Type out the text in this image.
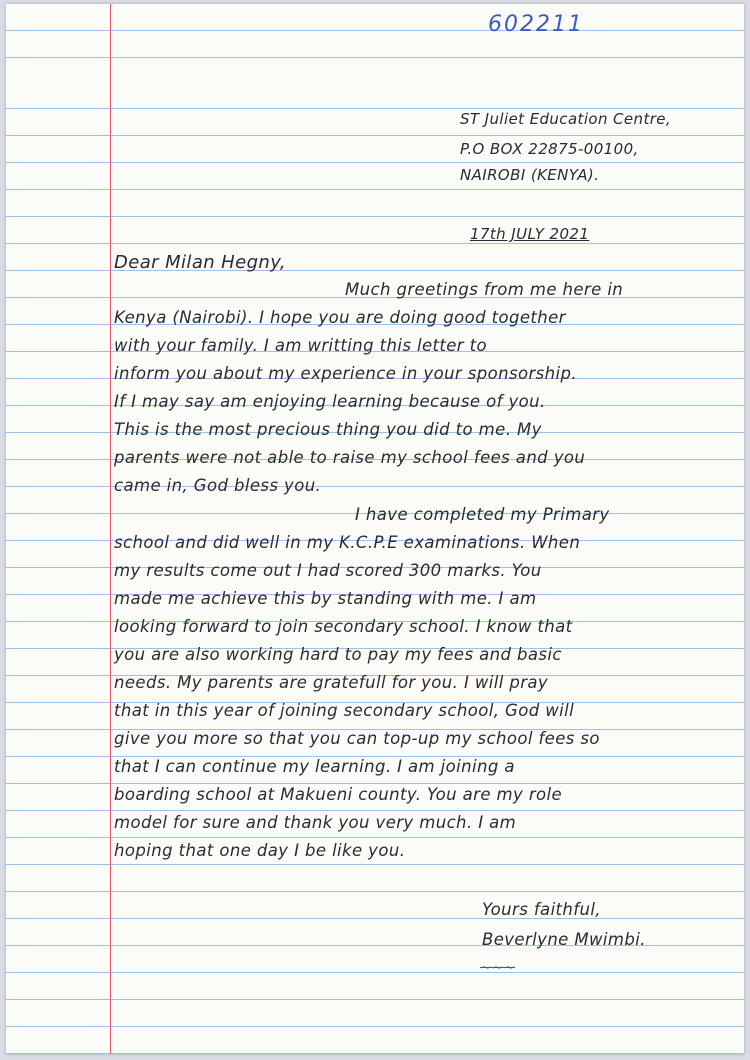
602211

ST Juliet Education Centre,

P.O BOX 22875-00100,

NAIROBI (KENYA).

17th JULY 2021

Dear Milan Hegny,

Much greetings from me here in

Kenya (Nairobi). I hope you are doing good together

with your family. I am writting this letter to

inform you about my experience in your sponsorship.

If I may say am enjoying learning because of you.

This is the most precious thing you did to me. My

parents were not able to raise my school fees and you

came in, God bless you.

I have completed my Primary

school and did well in my K.C.P.E examinations. When

my results come out I had scored 300 marks. You

made me achieve this by standing with me. I am

looking forward to join secondary school. I know that

you are also working hard to pay my fees and basic

needs. My parents are gratefull for you. I will pray

that in this year of joining secondary school, God will

give you more so that you can top-up my school fees so

that I can continue my learning. I am joining a

boarding school at Makueni county. You are my role

model for sure and thank you very much. I am

hoping that one day I be like you.

Yours faithful,

Beverlyne Mwimbi.

~~~
